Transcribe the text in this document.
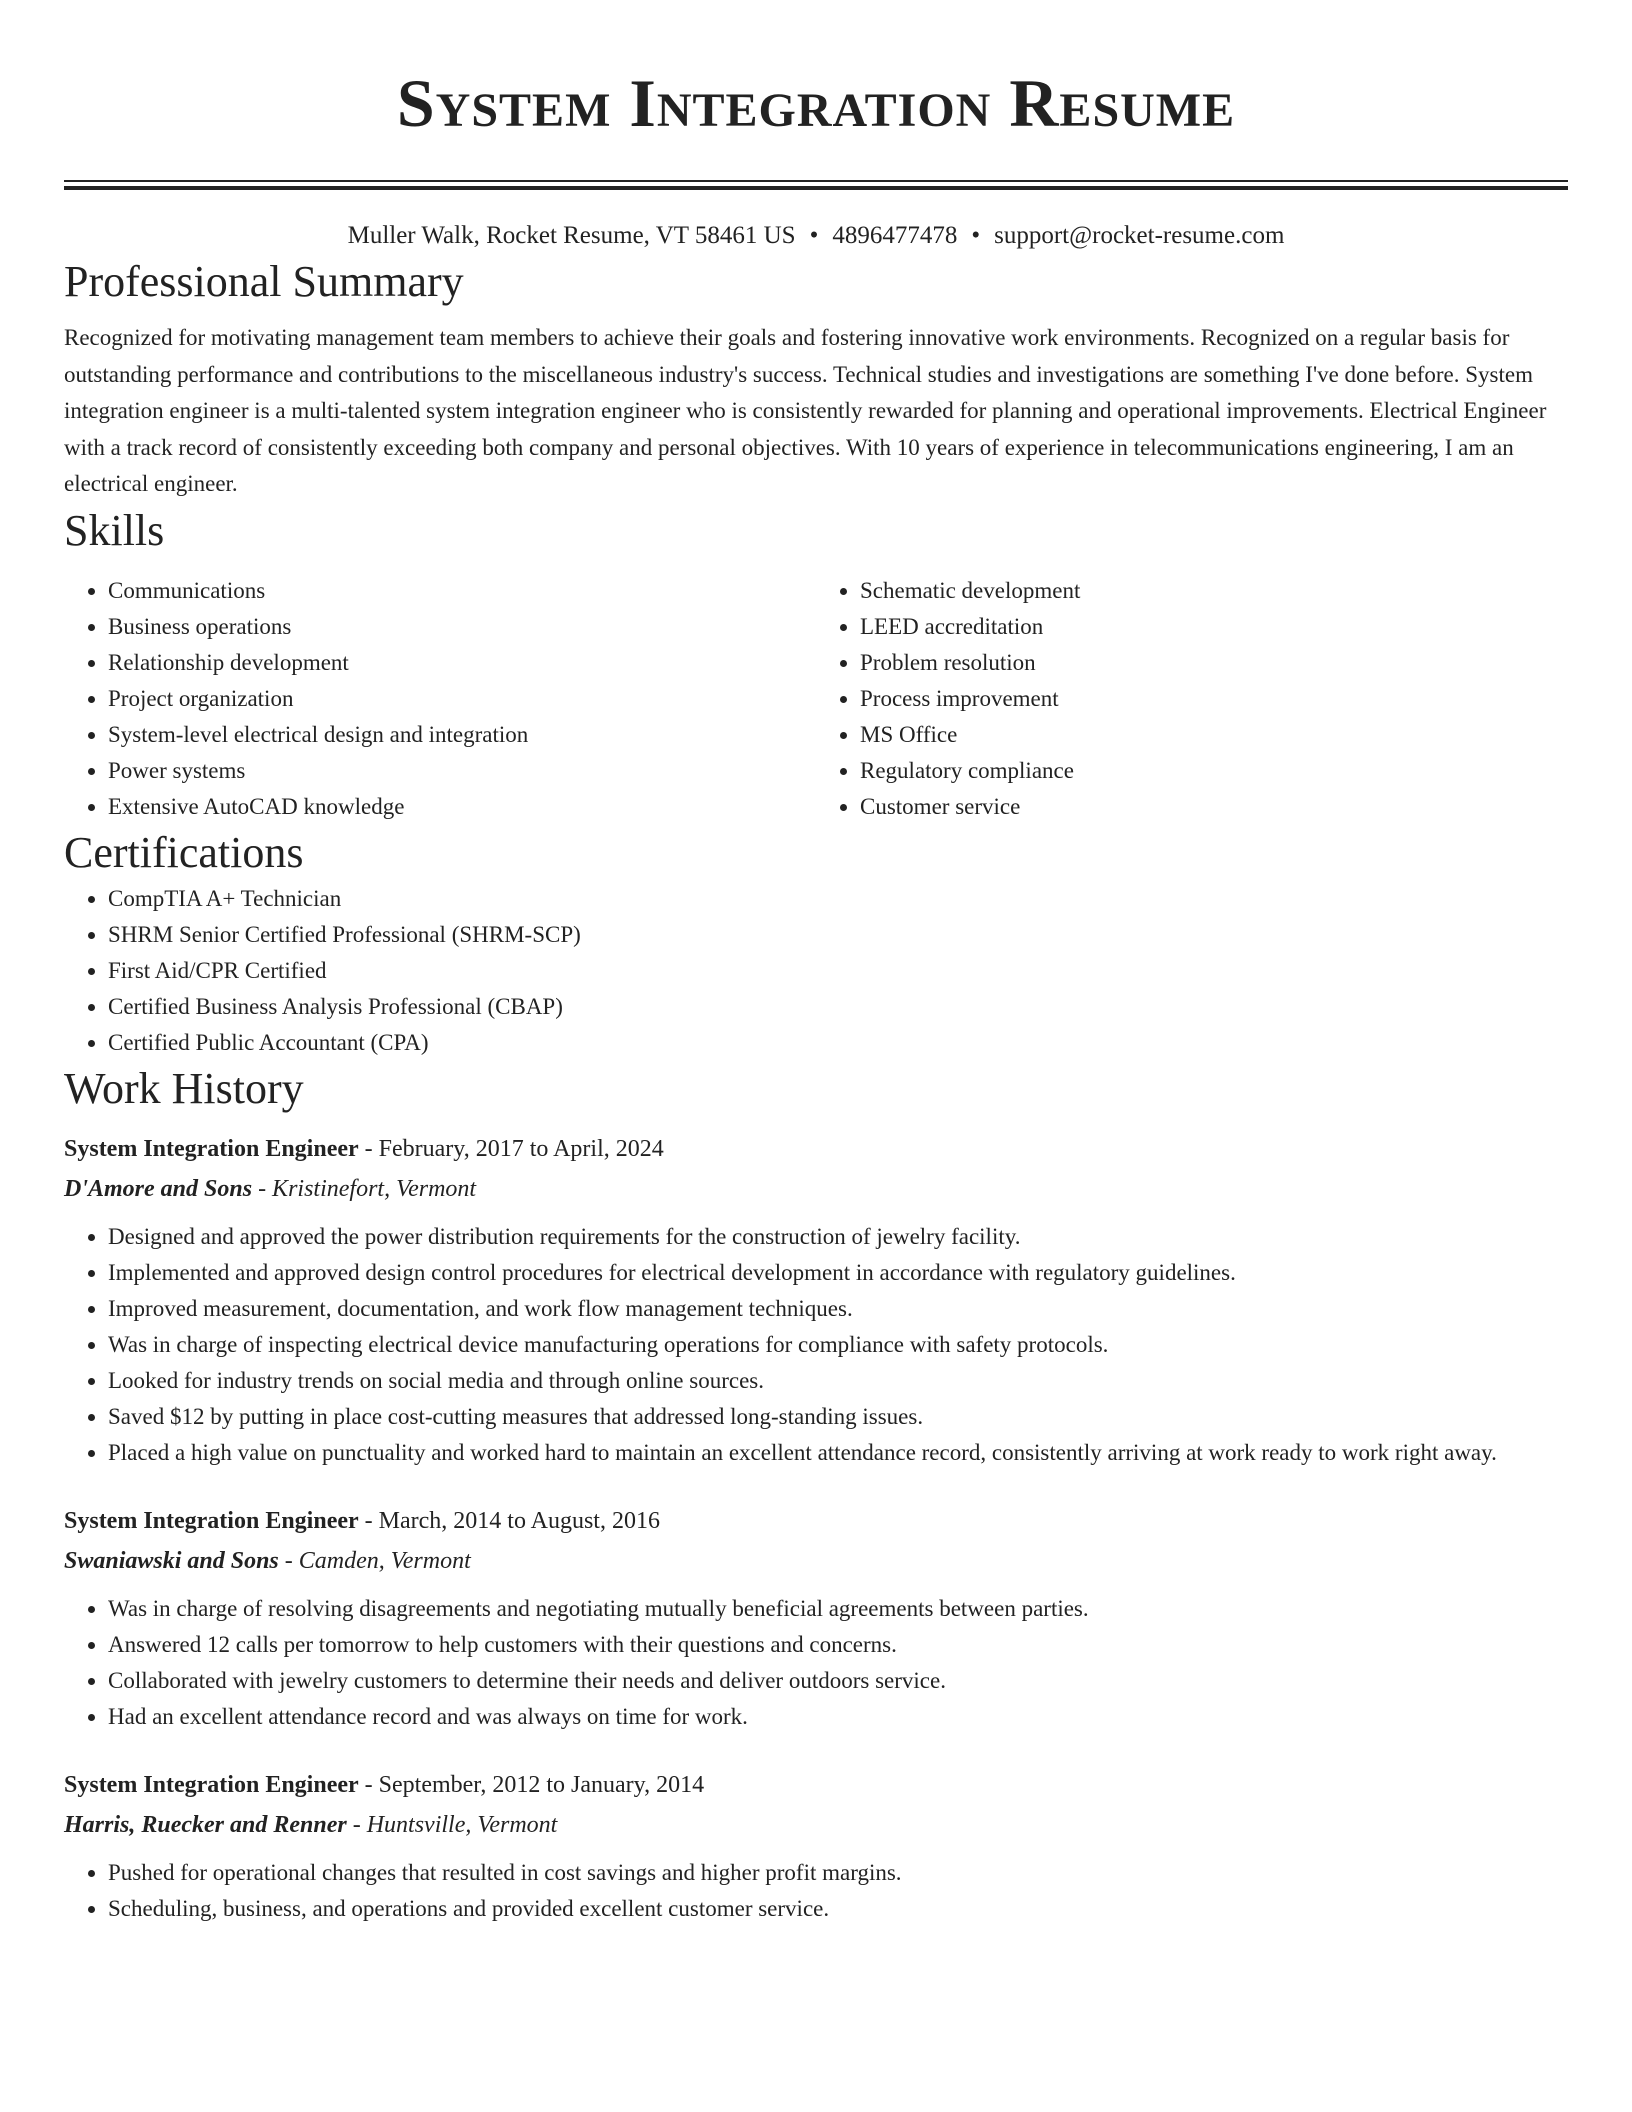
System Integration Resume
Muller Walk, Rocket Resume, VT 58461 US • 4896477478 • support@rocket-resume.com
Professional Summary

Recognized for motivating management team members to achieve their goals and fostering innovative work environments. Recognized on a regular basis for outstanding performance and contributions to the miscellaneous industry's success. Technical studies and investigations are something I've done before. System integration engineer is a multi-talented system integration engineer who is consistently rewarded for planning and operational improvements. Electrical Engineer with a track record of consistently exceeding both company and personal objectives. With 10 years of experience in telecommunications engineering, I am an electrical engineer.

Skills
• Communications
• Business operations
• Relationship development
• Project organization
• System-level electrical design and integration
• Power systems
• Extensive AutoCAD knowledge
• Schematic development
• LEED accreditation
• Problem resolution
• Process improvement
• MS Office
• Regulatory compliance
• Customer service
Certifications
• CompTIA A+ Technician
• SHRM Senior Certified Professional (SHRM-SCP)
• First Aid/CPR Certified
• Certified Business Analysis Professional (CBAP)
• Certified Public Accountant (CPA)
Work History
System Integration Engineer - February, 2017 to April, 2024
D'Amore and Sons - Kristinefort, Vermont
• Designed and approved the power distribution requirements for the construction of jewelry facility.
• Implemented and approved design control procedures for electrical development in accordance with regulatory guidelines.
• Improved measurement, documentation, and work flow management techniques.
• Was in charge of inspecting electrical device manufacturing operations for compliance with safety protocols.
• Looked for industry trends on social media and through online sources.
• Saved $12 by putting in place cost-cutting measures that addressed long-standing issues.
• Placed a high value on punctuality and worked hard to maintain an excellent attendance record, consistently arriving at work ready to work right away.
System Integration Engineer - March, 2014 to August, 2016
Swaniawski and Sons - Camden, Vermont
• Was in charge of resolving disagreements and negotiating mutually beneficial agreements between parties.
• Answered 12 calls per tomorrow to help customers with their questions and concerns.
• Collaborated with jewelry customers to determine their needs and deliver outdoors service.
• Had an excellent attendance record and was always on time for work.
System Integration Engineer - September, 2012 to January, 2014
Harris, Ruecker and Renner - Huntsville, Vermont
• Pushed for operational changes that resulted in cost savings and higher profit margins.
• Scheduling, business, and operations and provided excellent customer service.
